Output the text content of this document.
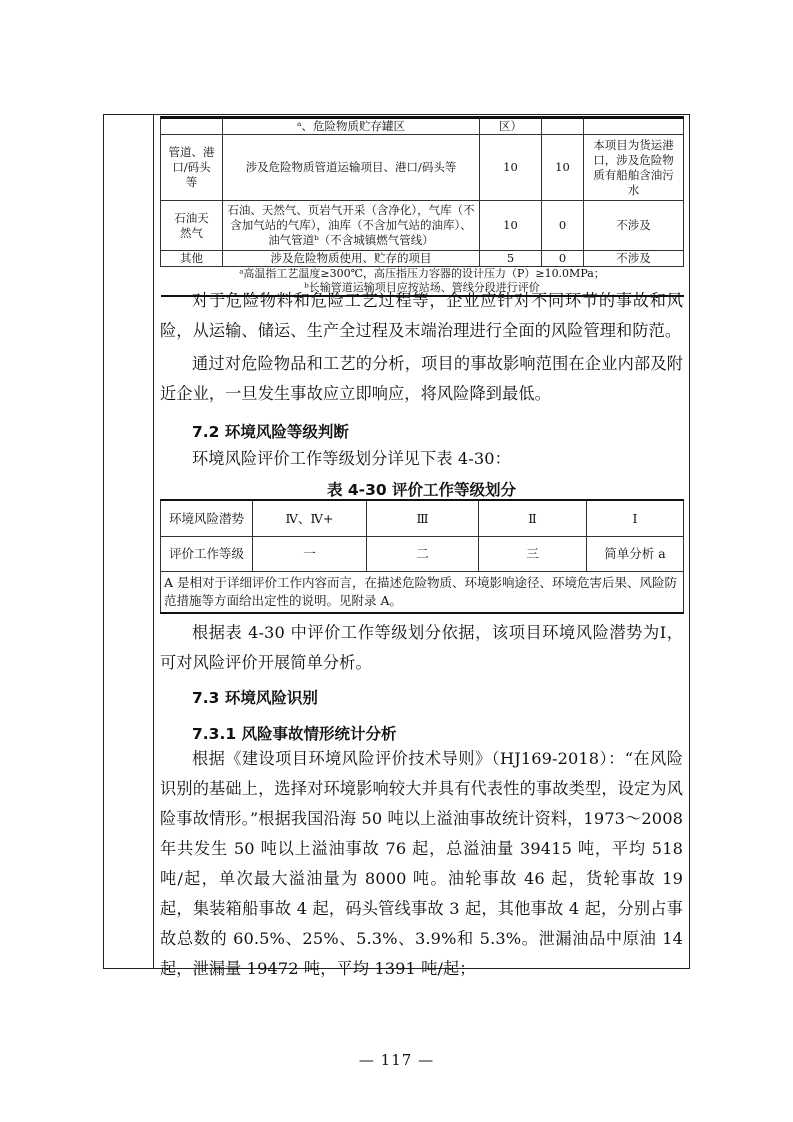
	ᵃ、危险物质贮存罐区	区）		
管道、港口/码头等	涉及危险物质管道运输项目、港口/码头等	10	10	本项目为货运港口，涉及危险物质有船舶含油污水
石油天然气	石油、天然气、页岩气开采（含净化），气库（不含加气站的气库），油库（不含加气站的油库）、油气管道ᵇ（不含城镇燃气管线）	10	0	不涉及
其他	涉及危险物质使用、贮存的项目	5	0	不涉及

ᵃ高温指工艺温度≥300℃，高压指压力容器的设计压力（P）≥10.0MPa；
ᵇ长输管道运输项目应按站场、管线分段进行评价				
对于危险物料和危险工艺过程等，企业应针对不同环节的事故和风险，从运输、储运、生产全过程及末端治理进行全面的风险管理和防范。
通过对危险物品和工艺的分析，项目的事故影响范围在企业内部及附近企业，一旦发生事故应立即响应，将风险降到最低。
7.2 环境风险等级判断
环境风险评价工作等级划分详见下表 4-30：
表 4-30 评价工作等级划分
环境风险潜势	Ⅳ、Ⅳ+	Ⅲ	Ⅱ	Ⅰ
评价工作等级	一	二	三	简单分析 a
A 是相对于详细评价工作内容而言，在描述危险物质、环境影响途径、环境危害后果、风险防范措施等方面给出定性的说明。见附录 A。				
根据表 4-30 中评价工作等级划分依据，该项目环境风险潜势为Ⅰ，可对风险评价开展简单分析。
7.3 环境风险识别
7.3.1 风险事故情形统计分析
根据《建设项目环境风险评价技术导则》（HJ169-2018）：“在风险识别的基础上，选择对环境影响较大并具有代表性的事故类型，设定为风险事故情形。”根据我国沿海 50 吨以上溢油事故统计资料，1973～2008 年共发生 50 吨以上溢油事故 76 起，总溢油量 39415 吨，平均 518 吨/起，单次最大溢油量为 8000 吨。油轮事故 46 起，货轮事故 19 起，集装箱船事故 4 起，码头管线事故 3 起，其他事故 4 起，分别占事故总数的 60.5%、25%、5.3%、3.9%和 5.3%。泄漏油品中原油 14 起，泄漏量 19472 吨，平均 1391 吨/起；
— 117 —
